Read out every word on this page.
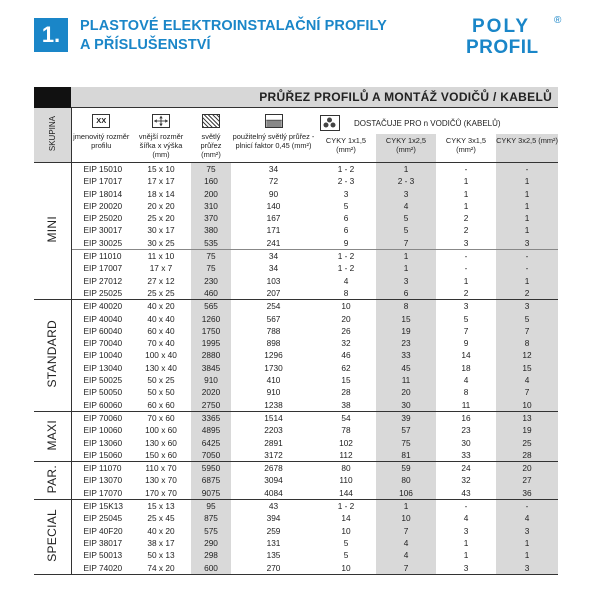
1.	PLASTOVÉ ELEKTROINSTALAČNÍ PROFILY
A PŘÍSLUŠENSTVÍ
POLY
PROFIL
®
	PRŮŘEZ PROFILŮ A MONTÁŽ VODIČŮ / KABELŮ							
SKUPINA	XX
jmenovitý rozměr profilu	vnější rozměr šířka x výška (mm)	světlý průřez (mm²)	použitelný světlý průřez - plnicí faktor 0,45 (mm²)	DOSTAČUJE PRO n VODIČŮ (KABELŮ)			

					CYKY 1x1,5 (mm²)	CYKY 1x2,5 (mm²)	CYKY 3x1,5 (mm²)	CYKY 3x2,5 (mm²)
MINI	EIP 15010	15 x 10	75	34	1 - 2	1	-	-
	EIP 17017	17 x 17	160	72	2 - 3	2 - 3	1	1
	EIP 18014	18 x 14	200	90	3	3	1	1
	EIP 20020	20 x 20	310	140	5	4	1	1
	EIP 25020	25 x 20	370	167	6	5	2	1
	EIP 30017	30 x 17	380	171	6	5	2	1
	EIP 30025	30 x 25	535	241	9	7	3	3
	EIP 11010	11 x 10	75	34	1 - 2	1	-	-
	EIP 17007	17 x 7	75	34	1 - 2	1	-	-
	EIP 27012	27 x 12	230	103	4	3	1	1
	EIP 25025	25 x 25	460	207	8	6	2	2
STANDARD	EIP 40020	40 x 20	565	254	10	8	3	3
	EIP 40040	40 x 40	1260	567	20	15	5	5
	EIP 60040	60 x 40	1750	788	26	19	7	7
	EIP 70040	70 x 40	1995	898	32	23	9	8
	EIP 10040	100 x 40	2880	1296	46	33	14	12
	EIP 13040	130 x 40	3845	1730	62	45	18	15
	EIP 50025	50 x 25	910	410	15	11	4	4
	EIP 50050	50 x 50	2020	910	28	20	8	7
	EIP 60060	60 x 60	2750	1238	38	30	11	10
MAXI	EIP 70060	70 x 60	3365	1514	54	39	16	13
	EIP 10060	100 x 60	4895	2203	78	57	23	19
	EIP 13060	130 x 60	6425	2891	102	75	30	25
	EIP 15060	150 x 60	7050	3172	112	81	33	28
PAR.	EIP 11070	110 x 70	5950	2678	80	59	24	20
	EIP 13070	130 x 70	6875	3094	110	80	32	27
	EIP 17070	170 x 70	9075	4084	144	106	43	36
SPECIAL	EIP 15K13	15 x 13	95	43	1 - 2	1	-	-
	EIP 25045	25 x 45	875	394	14	10	4	4
	EIP 40F20	40 x 20	575	259	10	7	3	3
	EIP 38017	38 x 17	290	131	5	4	1	1
	EIP 50013	50 x 13	298	135	5	4	1	1
	EIP 74020	74 x 20	600	270	10	7	3	3
